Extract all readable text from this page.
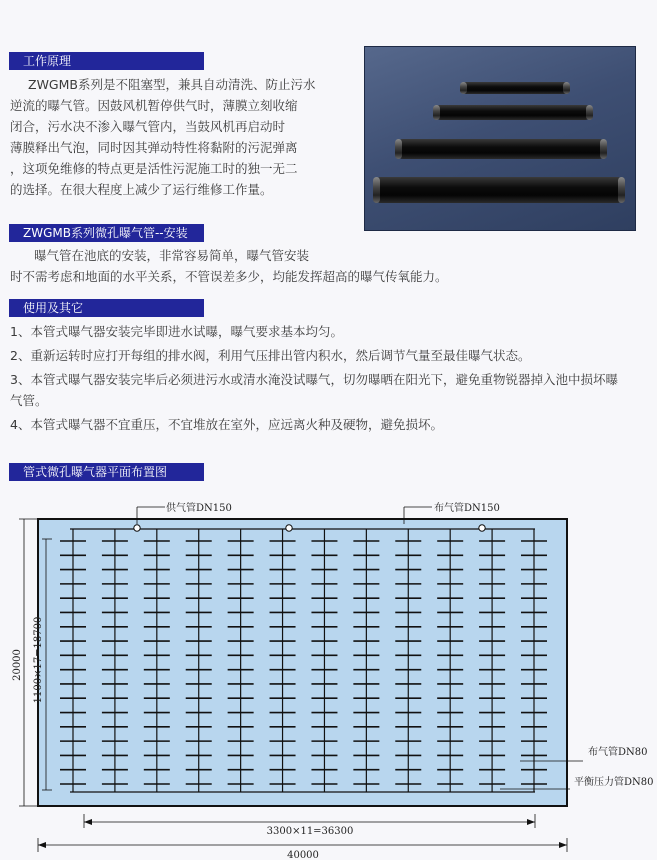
工作原理

ZWGMB系列是不阻塞型，兼具自动清洗、防止污水

逆流的曝气管。因鼓风机暂停供气时，薄膜立刻收缩

闭合，污水决不渗入曝气管内，当鼓风机再启动时

薄膜释出气泡，同时因其弹动特性将黏附的污泥弹离

，这项免维修的特点更是活性污泥施工时的独一无二

的选择。在很大程度上减少了运行维修工作量。

ZWGMB系列微孔曝气管--安装

曝气管在池底的安装，非常容易简单，曝气管安装

时不需考虑和地面的水平关系，不管误差多少，均能发挥超高的曝气传氧能力。

使用及其它
1、本管式曝气器安装完毕即进水试曝，曝气要求基本均匀。
2、重新运转时应打开每组的排水阀，利用气压排出管内积水，然后调节气量至最佳曝气状态。
3、本管式曝气器安装完毕后必须进污水或清水淹没试曝气，切勿曝晒在阳光下，避免重物锐器掉入池中损坏曝
气管。
4、本管式曝气器不宜重压，不宜堆放在室外，应远离火种及硬物，避免损坏。
管式微孔曝气器平面布置图
供气管DN150	布气管DN150
布气管DN80
平衡压力管DN80
20000 1100×17=18700
3300×11=36300
40000
